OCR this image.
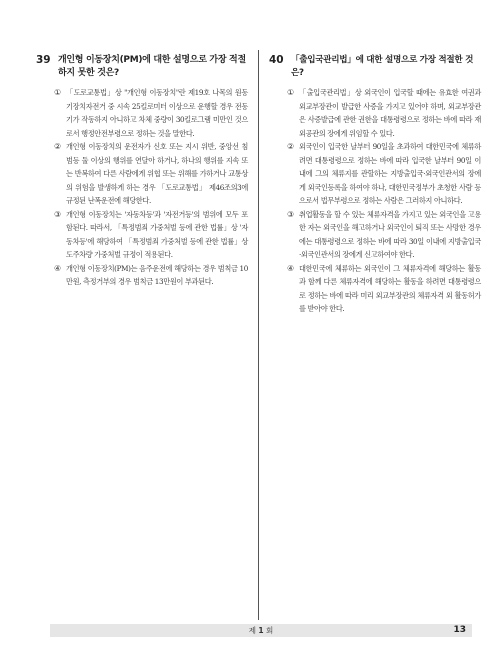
39 개인형 이동장치(PM)에 대한 설명으로 가장 적절하지 못한 것은?
① 「도로교통법」상 "개인형 이동장치"란 제19호 나목의 원동기장치자전거 중 시속 25킬로미터 이상으로 운행할 경우 전동기가 작동하지 아니하고 차체 중량이 30킬로그램 미만인 것으로서 행정안전부령으로 정하는 것을 말한다.
② 개인형 이동장치의 운전자가 신호 또는 지시 위반, 중앙선 침범등 둘 이상의 행위를 연달아 하거나, 하나의 행위를 지속 또는 반복하여 다른 사람에게 위협 또는 위해를 가하거나 교통상의 위험을 발생하게 하는 경우 「도로교통법」 제46조의3에 규정된 난폭운전에 해당한다.
③ 개인형 이동장치는 '자동차등'과 '자전거등'의 범위에 모두 포함된다. 따라서, 「특정범죄 가중처벌 등에 관한 법률」상 '자동차등'에 해당하여 「특정범죄 가중처벌 등에 관한 법률」상 도주차량 가중처벌 규정이 적용된다.
④ 개인형 이동장치(PM)는 음주운전에 해당하는 경우 범칙금 10만원, 측정거부의 경우 범칙금 13만원이 부과된다.
40 「출입국관리법」에 대한 설명으로 가장 적절한 것은?
① 「출입국관리법」상 외국인이 입국할 때에는 유효한 여권과 외교부장관이 발급한 사증을 가지고 있어야 하며, 외교부장관은 사증발급에 관한 권한을 대통령령으로 정하는 바에 따라 재외공관의 장에게 위임할 수 있다.
② 외국인이 입국한 날부터 90일을 초과하여 대한민국에 체류하려면 대통령령으로 정하는 바에 따라 입국한 날부터 90일 이내에 그의 체류지를 관할하는 지방출입국·외국인관서의 장에게 외국인등록을 하여야 하나, 대한민국정부가 초청한 사람 등으로서 법무부령으로 정하는 사람은 그러하지 아니하다.
③ 취업활동을 할 수 있는 체류자격을 가지고 있는 외국인을 고용한 자는 외국인을 해고하거나 외국인이 퇴직 또는 사망한 경우에는 대통령령으로 정하는 바에 따라 30일 이내에 지방출입국·외국인관서의 장에게 신고하여야 한다.
④ 대한민국에 체류하는 외국인이 그 체류자격에 해당하는 활동과 함께 다른 체류자격에 해당하는 활동을 하려면 대통령령으로 정하는 바에 따라 미리 외교부장관의 체류자격 외 활동허가를 받아야 한다.
제 1 회	13
